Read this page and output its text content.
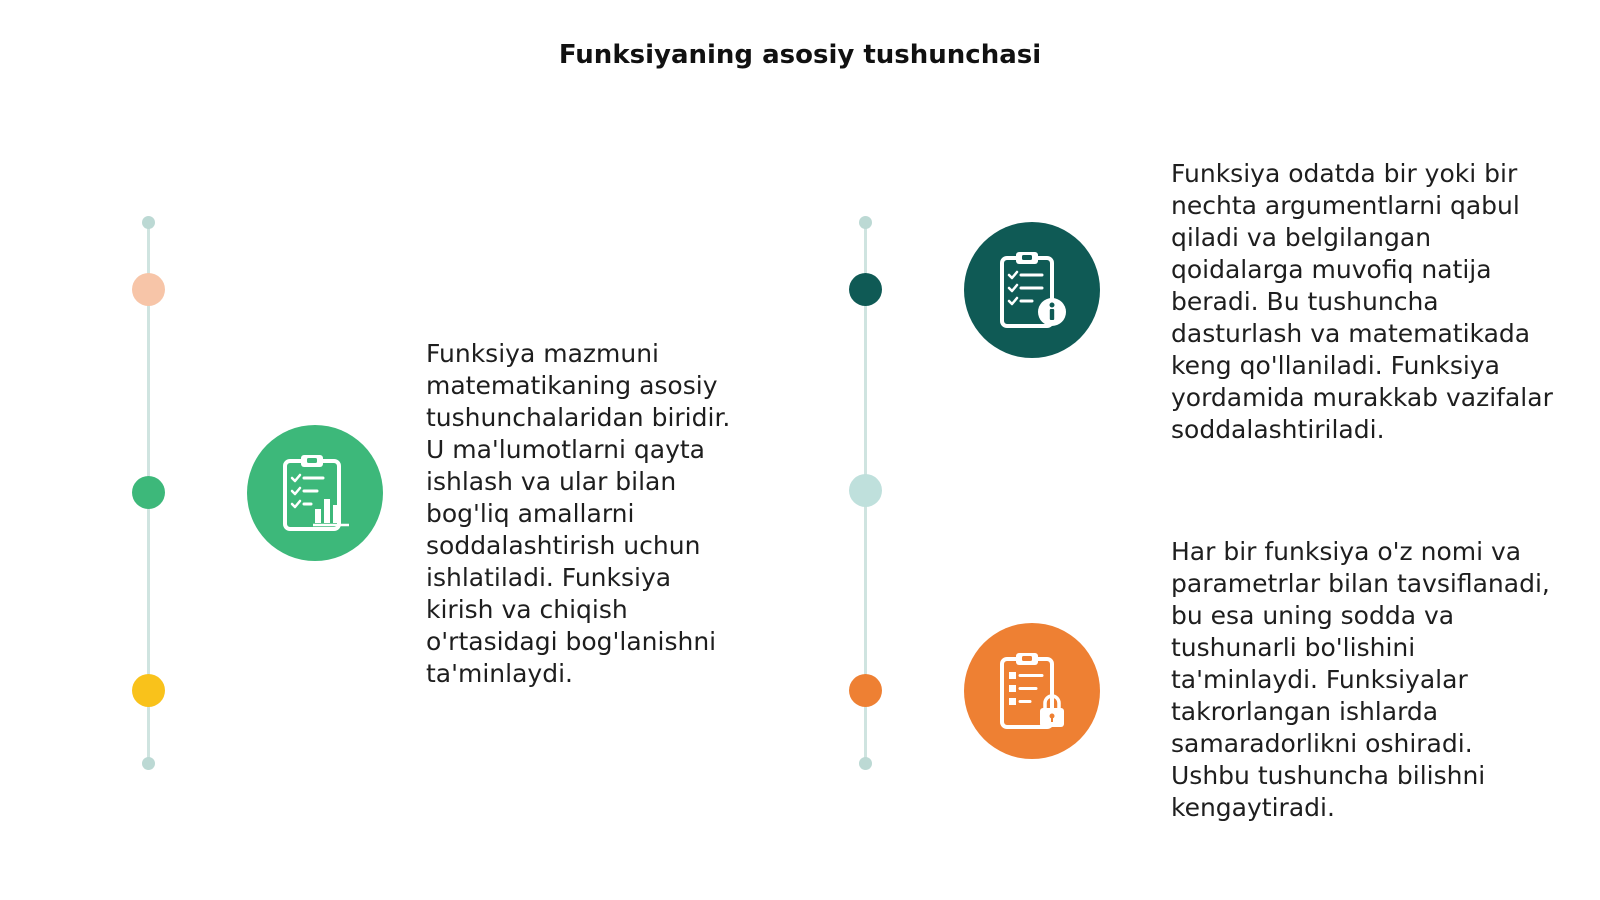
Funksiyaning asosiy tushunchasi

Funksiya mazmuni matematikaning asosiy tushunchalaridan biridir. U ma'lumotlarni qayta ishlash va ular bilan bog'liq amallarni soddalashtirish uchun ishlatiladi. Funksiya kirish va chiqish o'rtasidagi bog'lanishni ta'minlaydi.

Funksiya odatda bir yoki bir nechta argumentlarni qabul qiladi va belgilangan qoidalarga muvofiq natija beradi. Bu tushuncha dasturlash va matematikada keng qo'llaniladi. Funksiya yordamida murakkab vazifalar soddalashtiriladi.

Har bir funksiya o'z nomi va parametrlar bilan tavsiflanadi, bu esa uning sodda va tushunarli bo'lishini ta'minlaydi. Funksiyalar takrorlangan ishlarda samaradorlikni oshiradi. Ushbu tushuncha bilishni kengaytiradi.
